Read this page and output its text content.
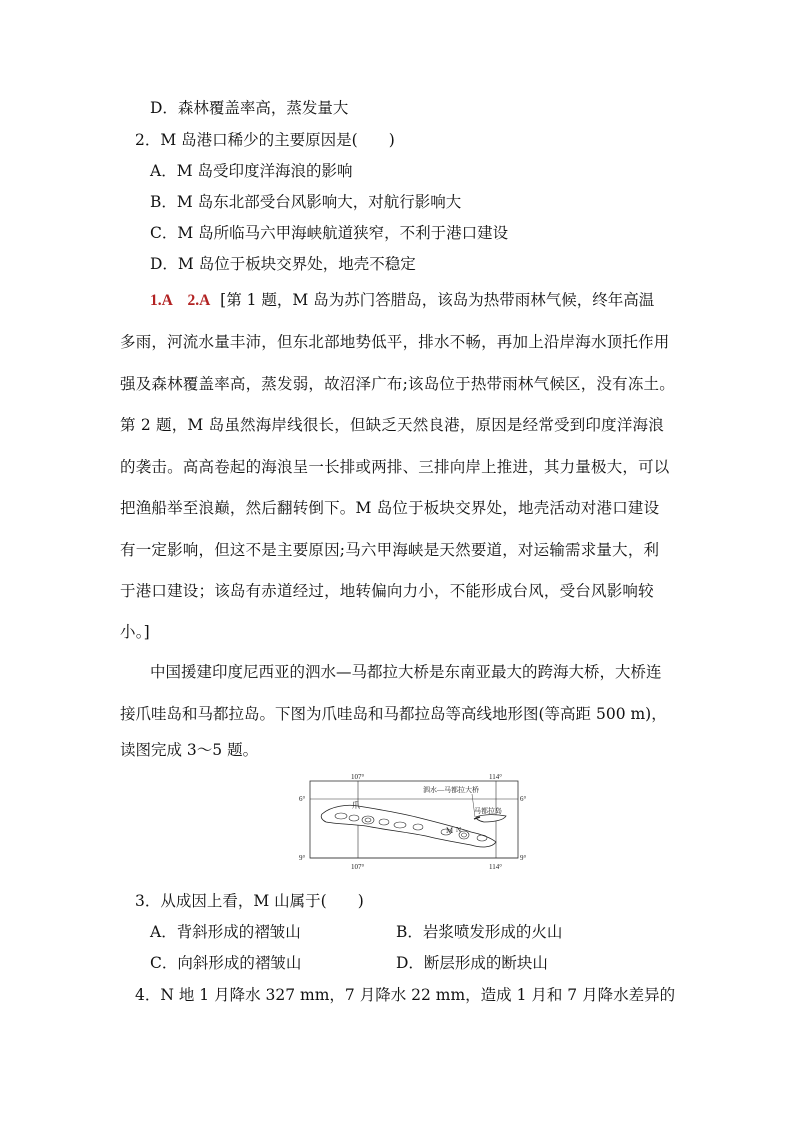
D．森林覆盖率高，蒸发量大
2．M 岛港口稀少的主要原因是(　　)
A．M 岛受印度洋海浪的影响
B．M 岛东北部受台风影响大，对航行影响大
C．M 岛所临马六甲海峡航道狭窄，不利于港口建设
D．M 岛位于板块交界处，地壳不稳定
1.A　2.A [第 1 题，M 岛为苏门答腊岛，该岛为热带雨林气候，终年高温
多雨，河流水量丰沛，但东北部地势低平，排水不畅，再加上沿岸海水顶托作用
强及森林覆盖率高，蒸发弱，故沼泽广布;该岛位于热带雨林气候区，没有冻土。
第 2 题，M 岛虽然海岸线很长，但缺乏天然良港，原因是经常受到印度洋海浪
的袭击。高高卷起的海浪呈一长排或两排、三排向岸上推进，其力量极大，可以
把渔船举至浪巅，然后翻转倒下。M 岛位于板块交界处，地壳活动对港口建设
有一定影响，但这不是主要原因;马六甲海峡是天然要道，对运输需求量大，利
于港口建设；该岛有赤道经过，地转偏向力小，不能形成台风，受台风影响较
小。]
中国援建印度尼西亚的泗水—马都拉大桥是东南亚最大的跨海大桥，大桥连
接爪哇岛和马都拉岛。下图为爪哇岛和马都拉岛等高线地形图(等高距 500 m)，
读图完成 3～5 题。
107°	114°
107°	114°
6°	6°
9°	9°
泗水—马都拉大桥
马都拉岛
爪
M N
3．从成因上看，M 山属于(　　)
A．背斜形成的褶皱山	B．岩浆喷发形成的火山
C．向斜形成的褶皱山	D．断层形成的断块山
4．N 地 1 月降水 327 mm，7 月降水 22 mm，造成 1 月和 7 月降水差异的
